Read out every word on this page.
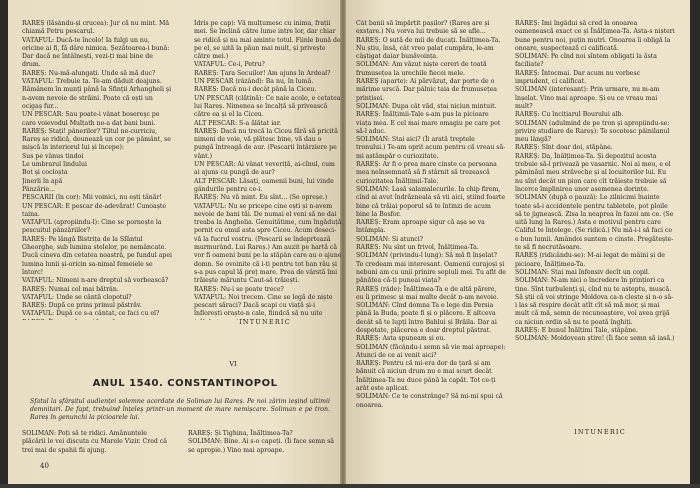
RAREȘ (lăsându-și crucea): Jur că nu mint. Mă chiamă Petru pescarul.
VATAFUL: Ducă-te încolo! Ia fulgi un nu, oricine ai fi, fă dâre nimica. Șezătoarea-i bună: Dar dacă ne întâlnești, vezi-ți mai bine de drum.
RAREȘ: Nu-mă-alungați. Unde să mă duc?
VATAFUL: Trebuie ta. Te-am dăduit deajuns. Rămânem în munți până la Sfinții Arhangheli și n-avem nevoie de străini. Poate că ești un ocigaș fur...
UN PESCAR: Sau poate-i vânat bosereşc pe care voievodul Mulțath ne-a dat bani buni.
RAREȘ: Stați! pânerilor? Tiltul ne-curriciu, Rareș se ridică, deunează un cor pe pământ, se mișcă în interiorul lui și începe):
Sus pe vânus tindoi
Le umbrarul lindului
Bot și cocloșta
Jinerli în apă
Pânzărie...
PESCARII (în cor): Mii voinici, nu ești tânăr!
UN PESCAR: E pescar de-adevărat! Cunoaște taina.
VATAFUL (apropiindu-l): Cine se pornește la pescuitul pânzăriilor?
RAREȘ: Pe lângă Bistrița de la Sfântul Gheorghe, sub lumina stelelor, pe nemâncate. Ducă cineva din cetatea noastră, pe fundul apei lumina lunii și-oricin sa-nimal femeiele se întorc!
VATAFUL: Nimeni n-are dreptul să vorbească?
RAREȘ: Numai cel mai bătrân.
VATAFUL: Unde se cântă clopotul?
RAREȘ: După ce prins primul păstrăv.
VATAFUL: După ce s-a cântat, ce faci cu el?

Idris pe cap): Vă mulțumesc cu inima, frații mei. Se înclină către lume intre lor, dar chiar se ridică și nu mai aminte totul. Fiinle bună de pe el, se uită la păun mai mult, și privește către mei.)
VATAFUL: Ce-i, Petru?
RAREȘ: Țara Secuilor! Am ajuns în Ardeal?
UN PESCAR (râzând): Ba nu, în lumă.
RAREȘ: Dacă nu-i decât până la Ciceu.
UN PESCAR (clătină): Ce naie acolo, e cetatea lui Rareș. Nimenea se încalță să privească către ea și el la Ciceu.
ALT PESCAR: S-a ălătat iar.
RAREȘ: Dacă nu trecă la Ciceu fără să pricită nimeni de voie, vă plătesc bine, vă dau o pungă întreagă de aur. (Pescarii întârziere pe vânt.)
UN PESCAR: Ai vânat veveriță, ai-cînul, cum ai ajuns cu pungă de aur?
ALT PESCAR: Lăsați, oamenii buni, lui vinde gândurile pentru ce-i.
RAREȘ: Nu vă mint. Eu sînt... (Se opreșe.)
VATAFUL: Nu se pricepe cine ești și n-avem nevoie de bani tăi. De numai el veni să ne dai treaba la Anghelia. Genuitătime, cum îngăduță pornit cu omul asta spre Ciceu. Acum deseci-vă la fucrul vostru. (Pescarii se îndeprtează murmurând. Lui Rareș.) Am auzit pe hartă că vor fi oameni buni pe la stăpân care au o ajune domn. Se ovoinite că i-ți pentru tot ban rău și s-a pus capul lă preț mare. Prea de vârstă îmi trăiește măruntu Caut-să trăiești.
RAREȘ: Nu-i se poate trece?
VATAFUL: Noi trecem. Cine se legă de niște pescari săraci? Dacă scapi cu viață și-i înflorești oraște-n cale, fiindcă să nu uite

INTUNERIC
VI
ANUL 1540. CONSTANTINOPOL
Sfatul la sfârșitul audienței solemne acordate de Soliman lui Rareș. Pe noi zărim ieșind ultimii demnitari. De fapt, trebuind înțeleș printr-un moment de mare nemișcare. Soliman e pe tron. Rareș în genunchi la picioarele lui.
SOLIMAN: Poți să te ridici. Amănuntele plăcării le vei discuta cu Marele Vizir. Cred că trei mai de spahii fii ajung.
RAREȘ: Și Tighina, Înălțimea-Ta?
SOLIMAN: Bine. Ai s-o capeți. (Îi face semn să se apropie.) Vino mai aproape.
40
Cât banii să împărțit pașilor? (Rareș are și exstare.) Nu vorva lui trebuie să se afle...
RAREȘ: O sută de mii de ducați. Înălțimea-Ta. Nu știu, însă, cât vreo palat cumpăra, le-am câștigat daiar bunăvoința.
SOLIMAN: Am văzut niște cereri de toată frumusețea la urechile fiecei mele.
RAREȘ (aparte): Ai părvăzut, dar porte de o mărime urscă. Dar pâlnic taia de frumusețea prințisei.
SOLIMAN: Dupa cât văd, stai niciun mintuit.
RAREȘ: Înălțimii-Tale s-am pus la picioare viața mea. E cel mai mare omagiu pe care pot să-l aduc.
SOLIMAN: Stai aici? (Îi arată treptele tronului.) Te-am oprit acum pentru că vreau să-mi astâmpăr o curiozitate.
RAREȘ: Ar fi o prea mare cinste ca persoana mea neînsemnată să fi stârnit să trezească curiozitatea Înălțimii-Tale.
SOLIMAN: Lasă salamalecurile. Ia chip firem, cînd ai avut îndrăzneala să vii aici, știind foarte bine că trăiai poporul să te întinzi de acum bine la Bosfor.
RAREȘ: Eram aproape sigur că așa se va întâmpla.
SOLIMAN: Și atunci?
RAREȘ: Nu sînt un frivol, Înălțimea-Ta.
SOLIMAN (privindu-l lung): Să mă fi înșelat? Te credeam mai interesant. Oamenii curajoși și nebuni am cu unii prinire sepiuli mei. Tu afit de pănătea că-ți puneai viața?
RAREȘ (râde): Înălțimea-Ta e de altă părere, eu îi primesc și mai multe decât n-am nevoie.
SOLIMAN: Cînd domna Ta e lege din Persia până la Buda, poate fi și o plăcere. E altceva decât să te lupți între Bahlui și Brăila. Dar ai despotate, plăcerea e doar dreptul păstrat.
RAREȘ: Asta spuneam și eu.
SOLIMAN (făcându-i semn să vie mai aproape): Atunci de ce ai venit aici?
RAREȘ: Pentru că mi-era dor de țară și am bănuit că niciun drum nu e mai scurt decât Înălțimea-Ta nu duce până la capăt. Tot ce-ți arăt este aplicat.
SOLIMAN: Ce te constrânge? Să mi-mi spui că onoarea.
RAREȘ: Îmi îngădui să cred la onoarea oamenească exact ce și Înălțimea-Ta. Asta-s nișteri bune pentru noi, puțin mutri. Onoarea îi obligă la onoare, suspectează ci calificată.
SOLIMAN: Pe cînd noi sîntem obligați la ăsta faciliate?
RAREȘ: Întocmai. Dar acum nu vorbesc imprudent, ci calificat.
SOLIMAN (interesant): Prin urmare, nu m-am înșelat. Vino mai aproape. Și eu ce vreau mai mult?
RAREȘ: Cu încițiarul Bourului alb.
SOLIMAN (adulmind de pe tron și apropiindu-se: privire studiare de Rareș): Te socotesc pâinilanul meu lângă?
RAREȘ: Sînt doar doi, stăpâne.
RAREȘ: Da, Înălțimea-Ta. Și depozitul acesta trebuie să-l privează pe vasarnic. Noi ai meu, e el păminăul meu străveche și al locuitorilor lui. Eu nu sînt decât un pion care cît trăiește trebuie să încerce împlinirea unor asemenea dorințe.
SOLIMAN (după o pauză): Le zilnicimi înainte toate să-i accidentele pentru tabletele, pot ploile să te jignească. Zisa la neaprea în fazei am ce. (Se uită lung la Rareș.) Asta e motivul pentru care Califul te înțelege. (Se ridică.) Nu mă-i-i să faci ce e bun lumii. Amândoi suntem o cinste. Pregătește-te să fi necrutăsoare.
RAREȘ (ridicându-se): M-ai legat de mâini și de picioare, Înălțimea-Ta.
SOLIMAN: Stai mai înfensiv decît un copil.
SOLIMAN: N-am nici o încredere în prințiori ca tine. Sînt turbulenți și, cînd nu te asteptu, mușcă. Să știi că voi stringe Moldova ca-n cleste și n-o să-i las să respire decât atît cît să mă mor, și mai mult că mă, semn de recunoaștere, voi avea grijă ca niciun ordin să nu te poată înghiți.
RAREȘ: E bunul Înălțimi Tale, stăpâne.
SOLIMAN: Moldovean știre! (Îi face semn să iasă.)
INTUNERIC
